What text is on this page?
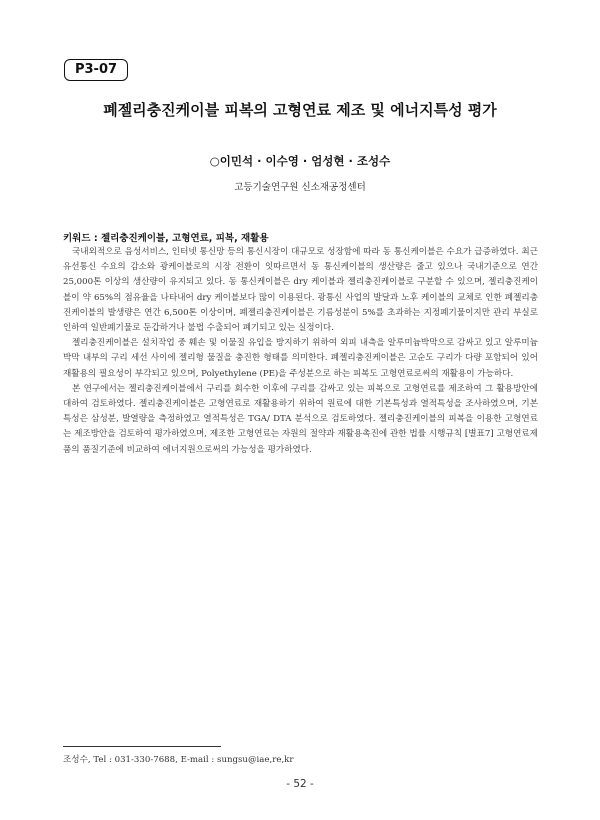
P3-07
폐젤리충진케이블 피복의 고형연료 제조 및 에너지특성 평가
○이민석 · 이수영 · 엄성현 · 조성수
고등기술연구원 신소재공정센터
키워드 : 젤리충진케이블, 고형연료, 피복, 재활용

국내외적으로 음성서비스, 인터넷 통신망 등의 통신시장이 대규모로 성장함에 따라 동 통신케이블은 수요가 급증하였다. 최근 유선통신 수요의 감소와 광케이블로의 시장 전환이 잇따르면서 동 통신케이블의 생산량은 줄고 있으나 국내기준으로 연간 25,000톤 이상의 생산량이 유지되고 있다. 동 통신케이블은 dry 케이블과 젤리충진케이블로 구분할 수 있으며, 젤리충진케이블이 약 65%의 점유율을 나타내어 dry 케이블보다 많이 이용된다. 광통신 사업의 발달과 노후 케이블의 교체로 인한 폐젤리충진케이블의 발생량은 연간 6,500톤 이상이며, 폐젤리충진케이블은 기름성분이 5%를 초과하는 지정폐기물이지만 관리 부실로 인하여 일반폐기물로 둔갑하거나 불법 수출되어 폐기되고 있는 실정이다.

젤리충진케이블은 설치작업 중 훼손 및 이물질 유입을 방지하기 위하여 외피 내측을 알루미늄박막으로 감싸고 있고 알루미늄박막 내부의 구리 세선 사이에 젤리형 물질을 충진한 형태를 의미한다. 폐젤리충진케이블은 고순도 구리가 다량 포함되어 있어 재활용의 필요성이 부각되고 있으며, Polyethylene (PE)을 주성분으로 하는 피복도 고형연료로써의 재활용이 가능하다.

본 연구에서는 젤리충진케이블에서 구리를 회수한 이후에 구리를 감싸고 있는 피복으로 고형연료를 제조하여 그 활용방안에 대하여 검토하였다. 젤리충진케이블은 고형연료로 재활용하기 위하여 원료에 대한 기본특성과 열적특성을 조사하였으며, 기본특성은 삼성분, 발열량을 측정하였고 열적특성은 TGA/ DTA 분석으로 검토하였다. 젤리충진케이블의 피복을 이용한 고형연료는 제조방안을 검토하여 평가하였으며, 제조한 고형연료는 자원의 절약과 재활용촉진에 관한 법률 시행규칙 [별표7] 고형연료제품의 품질기준에 비교하여 에너지원으로써의 가능성을 평가하였다.

조성수, Tel : 031-330-7688, E-mail : sungsu@iae,re,kr
- 52 -
